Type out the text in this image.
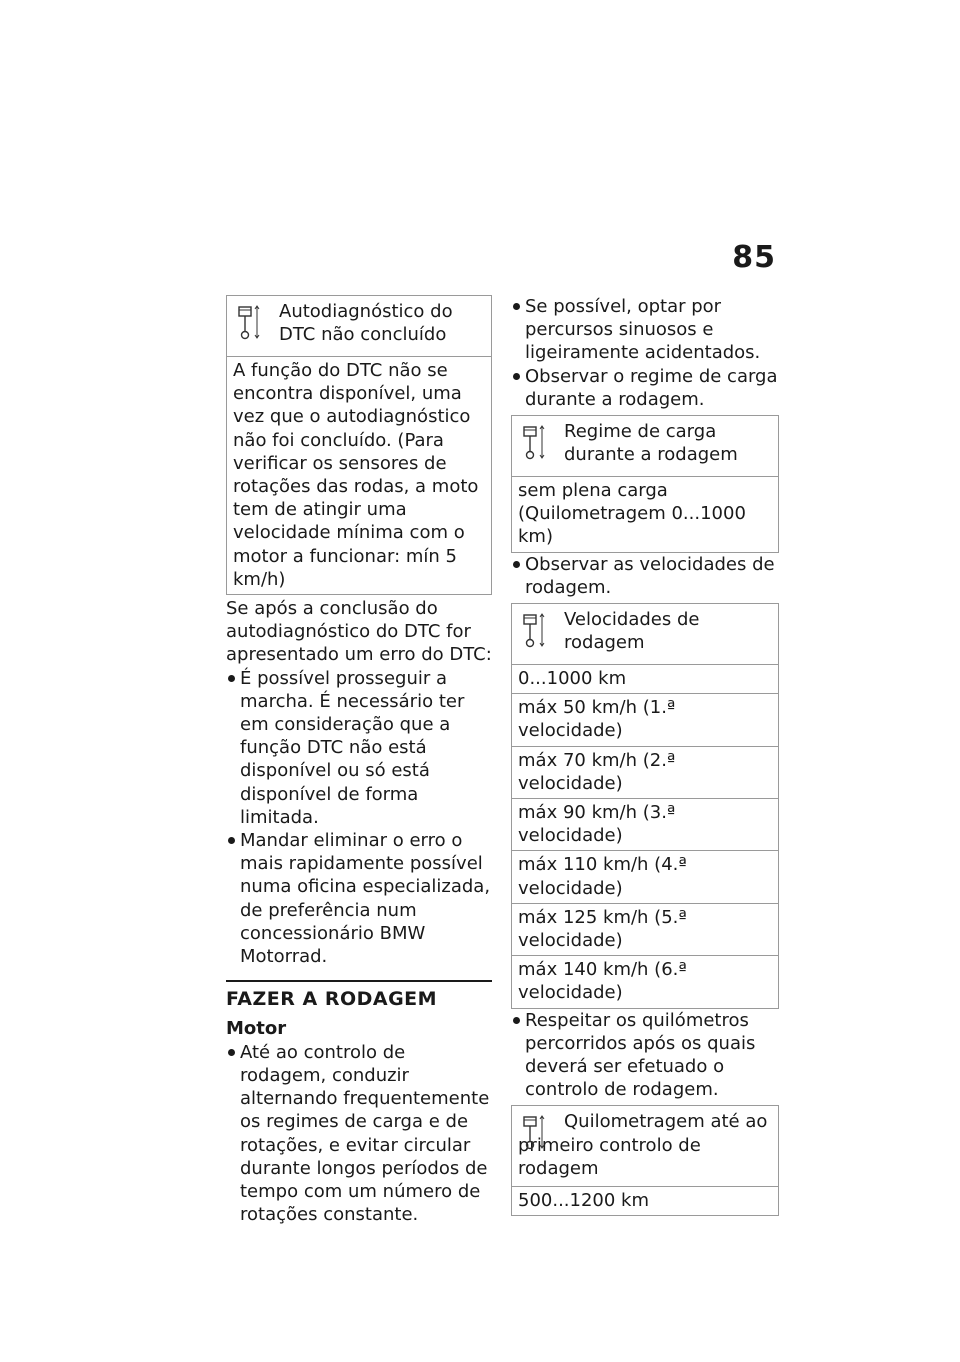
85
Autodiagnóstico do DTC não concluído
A função do DTC não se encontra disponível, uma vez que o autodiagnóstico não foi concluído. (Para verificar os sensores de rotações das rodas, a moto tem de atingir uma velocidade mínima com o motor a funcionar: mín 5 km/h)

Se após a conclusão do autodiagnóstico do DTC for apresentado um erro do DTC:

É possível prosseguir a marcha. É necessário ter em consideração que a função DTC não está disponível ou só está disponível de forma limitada.
Mandar eliminar o erro o mais rapidamente possível numa oficina especializada, de preferência num concessionário BMW Motorrad.
FAZER A RODAGEM
Motor
Até ao controlo de rodagem, conduzir alternando frequentemente os regimes de carga e de rotações, e evitar circular durante longos períodos de tempo com um número de rotações constante.
Se possível, optar por percursos sinuosos e ligeiramente acidentados.
Observar o regime de carga durante a rodagem.
Regime de carga durante a rodagem
sem plena carga (Quilometragem 0...1000 km)
Observar as velocidades de rodagem.
Velocidades de rodagem
0...1000 km
máx 50 km/h (1.ª velocidade)
máx 70 km/h (2.ª velocidade)
máx 90 km/h (3.ª velocidade)
máx 110 km/h (4.ª velocidade)
máx 125 km/h (5.ª velocidade)
máx 140 km/h (6.ª velocidade)
Respeitar os quilómetros percorridos após os quais deverá ser efetuado o controlo de rodagem.
Quilometragem até ao primeiro controlo de rodagem
500...1200 km
